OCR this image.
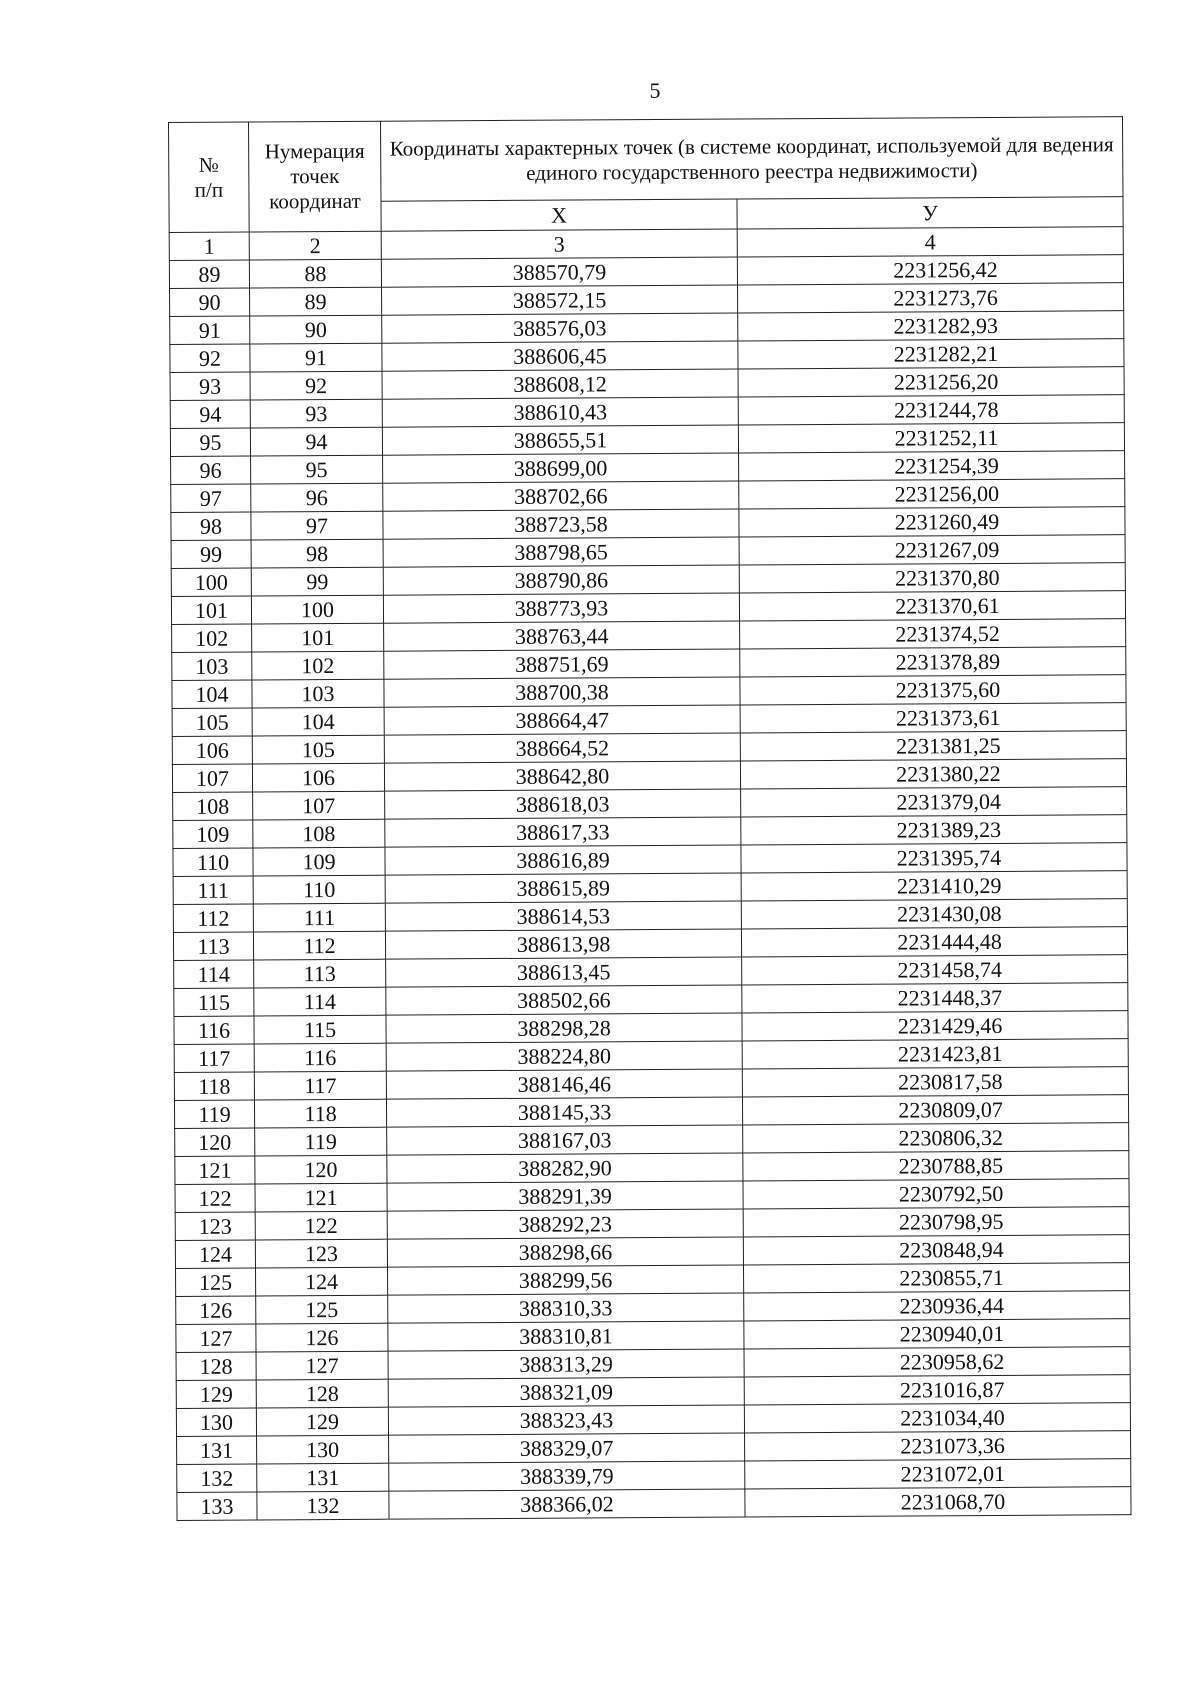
5
№
п/п	Нумерация точек координат	Координаты характерных точек (в системе координат, используемой для ведения единого государственного реестра недвижимости)	
		X	У
1	2	3	4
89	88	388570,79	2231256,42
90	89	388572,15	2231273,76
91	90	388576,03	2231282,93
92	91	388606,45	2231282,21
93	92	388608,12	2231256,20
94	93	388610,43	2231244,78
95	94	388655,51	2231252,11
96	95	388699,00	2231254,39
97	96	388702,66	2231256,00
98	97	388723,58	2231260,49
99	98	388798,65	2231267,09
100	99	388790,86	2231370,80
101	100	388773,93	2231370,61
102	101	388763,44	2231374,52
103	102	388751,69	2231378,89
104	103	388700,38	2231375,60
105	104	388664,47	2231373,61
106	105	388664,52	2231381,25
107	106	388642,80	2231380,22
108	107	388618,03	2231379,04
109	108	388617,33	2231389,23
110	109	388616,89	2231395,74
111	110	388615,89	2231410,29
112	111	388614,53	2231430,08
113	112	388613,98	2231444,48
114	113	388613,45	2231458,74
115	114	388502,66	2231448,37
116	115	388298,28	2231429,46
117	116	388224,80	2231423,81
118	117	388146,46	2230817,58
119	118	388145,33	2230809,07
120	119	388167,03	2230806,32
121	120	388282,90	2230788,85
122	121	388291,39	2230792,50
123	122	388292,23	2230798,95
124	123	388298,66	2230848,94
125	124	388299,56	2230855,71
126	125	388310,33	2230936,44
127	126	388310,81	2230940,01
128	127	388313,29	2230958,62
129	128	388321,09	2231016,87
130	129	388323,43	2231034,40
131	130	388329,07	2231073,36
132	131	388339,79	2231072,01
133	132	388366,02	2231068,70
